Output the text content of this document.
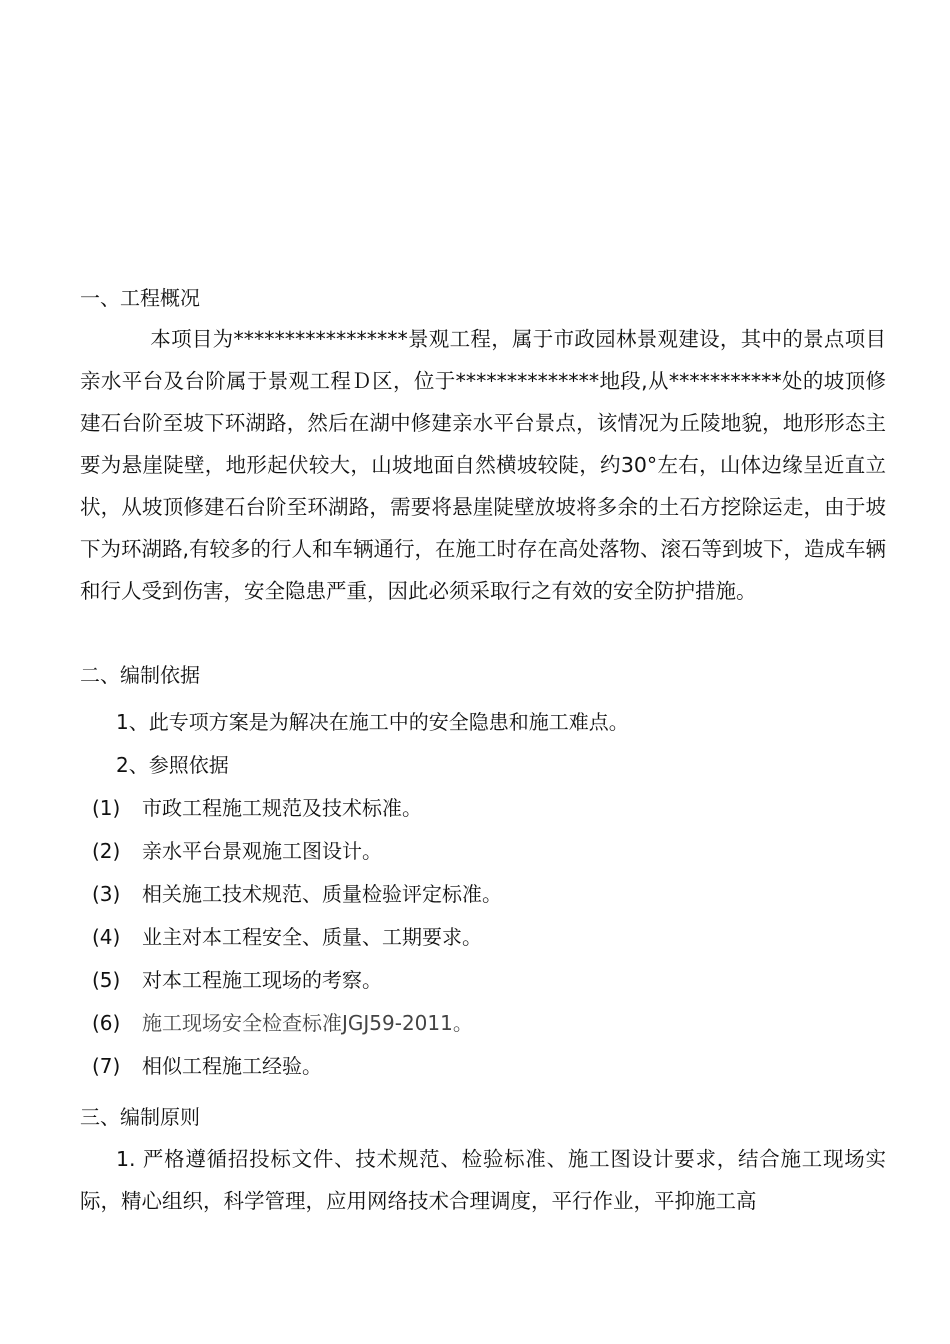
一、工程概况
本项目为*****************景观工程，属于市政园林景观建设，其中的景点项目亲水平台及台阶属于景观工程Ｄ区，位于**************地段,从***********处的坡顶修建石台阶至坡下环湖路，然后在湖中修建亲水平台景点，该情况为丘陵地貌，地形形态主要为悬崖陡壁，地形起伏较大，山坡地面自然横坡较陡，约30°左右，山体边缘呈近直立状，从坡顶修建石台阶至环湖路，需要将悬崖陡壁放坡将多余的土石方挖除运走，由于坡下为环湖路,有较多的行人和车辆通行，在施工时存在高处落物、滚石等到坡下，造成车辆和行人受到伤害，安全隐患严重，因此必须采取行之有效的安全防护措施。
二、编制依据
1、此专项方案是为解决在施工中的安全隐患和施工难点。
2、参照依据
(1) 市政工程施工规范及技术标准。
(2) 亲水平台景观施工图设计。
(3) 相关施工技术规范、质量检验评定标准。
(4) 业主对本工程安全、质量、工期要求。
(5) 对本工程施工现场的考察。
(6) 施工现场安全检查标准JGJ59-2011。
(7) 相似工程施工经验。
三、编制原则
1. 严格遵循招投标文件、技术规范、检验标准、施工图设计要求，结合施工现场实际，精心组织，科学管理，应用网络技术合理调度，平行作业，平抑施工高
